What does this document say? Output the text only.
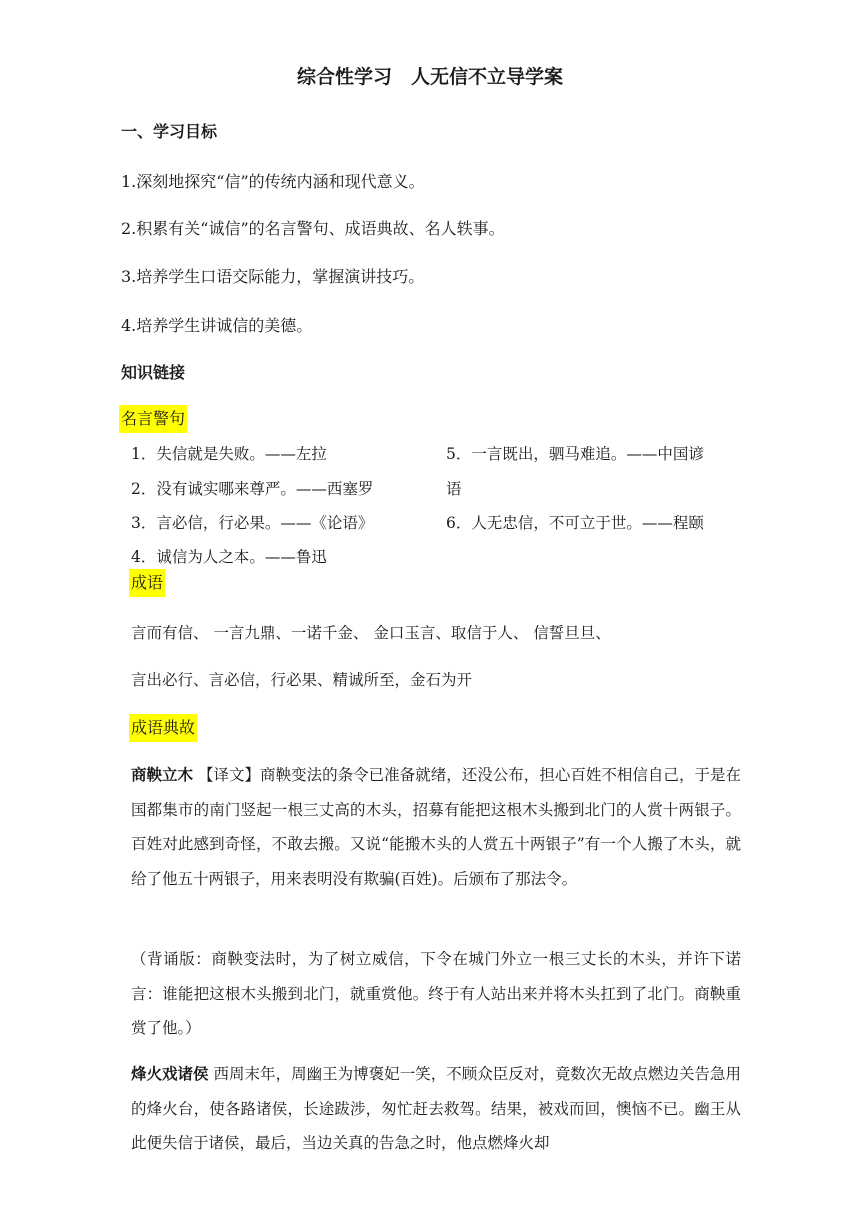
综合性学习　人无信不立导学案
一、学习目标
1.深刻地探究“信”的传统内涵和现代意义。
2.积累有关“诚信”的名言警句、成语典故、名人轶事。
3.培养学生口语交际能力，掌握演讲技巧。
4.培养学生讲诚信的美德。
知识链接
名言警句
1．失信就是失败。——左拉
2．没有诚实哪来尊严。——西塞罗
3．言必信，行必果。——《论语》
4．诚信为人之本。——鲁迅
5．一言既出，驷马难追。——中国谚
语
6．人无忠信，不可立于世。——程颐
成语
言而有信、 一言九鼎、一诺千金、 金口玉言、取信于人、 信誓旦旦、
言出必行、言必信，行必果、精诚所至，金石为开
成语典故
商鞅立木 【译文】商鞅变法的条令已准备就绪，还没公布，担心百姓不相信自己，于是在国都集市的南门竖起一根三丈高的木头，招募有能把这根木头搬到北门的人赏十两银子。百姓对此感到奇怪，不敢去搬。又说“能搬木头的人赏五十两银子”有一个人搬了木头，就给了他五十两银子，用来表明没有欺骗(百姓)。后颁布了那法令。
（背诵版：商鞅变法时，为了树立威信，下令在城门外立一根三丈长的木头，并许下诺言：谁能把这根木头搬到北门，就重赏他。终于有人站出来并将木头扛到了北门。商鞅重赏了他。）
烽火戏诸侯 西周末年，周幽王为博褒妃一笑，不顾众臣反对，竟数次无故点燃边关告急用的烽火台，使各路诸侯，长途跋涉，匆忙赶去救驾。结果，被戏而回，懊恼不已。幽王从此便失信于诸侯，最后，当边关真的告急之时，他点燃烽火却
